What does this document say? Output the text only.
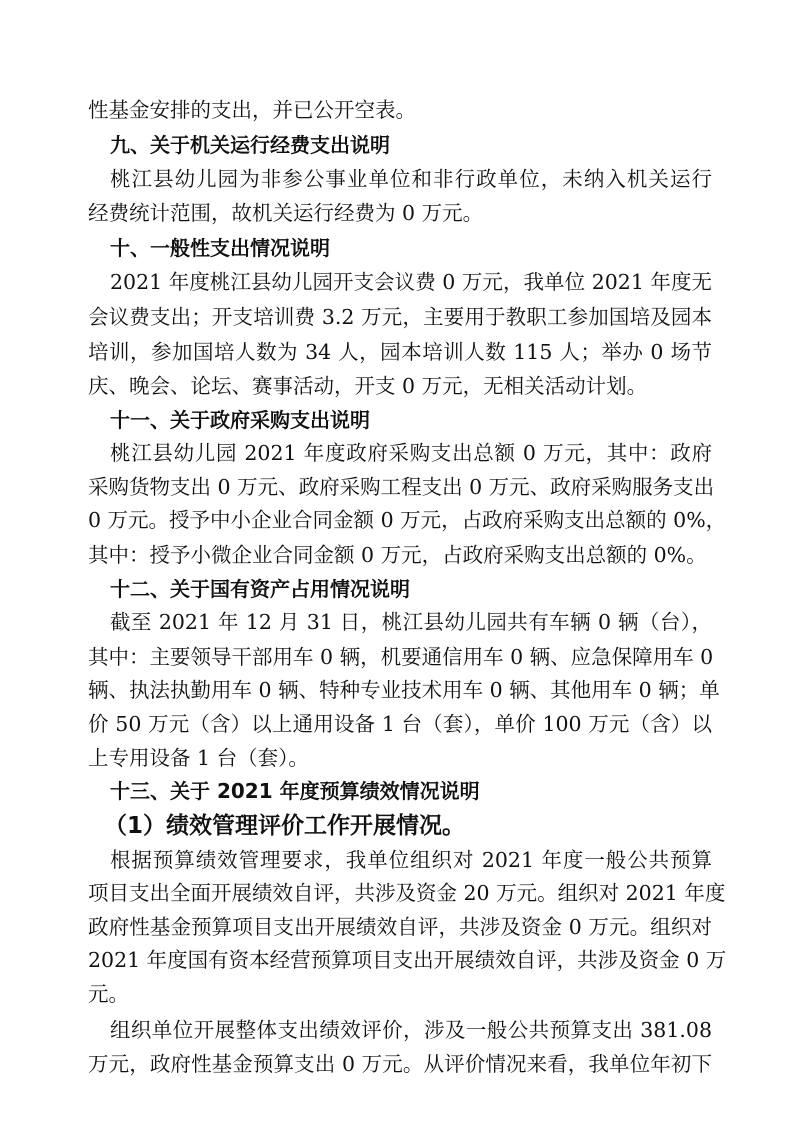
性基金安排的支出，并已公开空表。
九、关于机关运行经费支出说明
桃江县幼儿园为非参公事业单位和非行政单位，未纳入机关运行
经费统计范围，故机关运行经费为 0 万元。
十、一般性支出情况说明
2021 年度桃江县幼儿园开支会议费 0 万元，我单位 2021 年度无
会议费支出；开支培训费 3.2 万元，主要用于教职工参加国培及园本
培训，参加国培人数为 34 人，园本培训人数 115 人；举办 0 场节
庆、晚会、论坛、赛事活动，开支 0 万元，无相关活动计划。
十一、关于政府采购支出说明
桃江县幼儿园 2021 年度政府采购支出总额 0 万元，其中：政府
采购货物支出 0 万元、政府采购工程支出 0 万元、政府采购服务支出
0 万元。授予中小企业合同金额 0 万元，占政府采购支出总额的 0%，
其中：授予小微企业合同金额 0 万元，占政府采购支出总额的 0%。
十二、关于国有资产占用情况说明
截至 2021 年 12 月 31 日，桃江县幼儿园共有车辆 0 辆（台），
其中：主要领导干部用车 0 辆，机要通信用车 0 辆、应急保障用车 0
辆、执法执勤用车 0 辆、特种专业技术用车 0 辆、其他用车 0 辆；单
价 50 万元（含）以上通用设备 1 台（套），单价 100 万元（含）以
上专用设备 1 台（套）。
十三、关于 2021 年度预算绩效情况说明
（1）绩效管理评价工作开展情况。
根据预算绩效管理要求，我单位组织对 2021 年度一般公共预算
项目支出全面开展绩效自评，共涉及资金 20 万元。组织对 2021 年度
政府性基金预算项目支出开展绩效自评，共涉及资金 0 万元。组织对
2021 年度国有资本经营预算项目支出开展绩效自评，共涉及资金 0 万
元。
组织单位开展整体支出绩效评价，涉及一般公共预算支出 381.08
万元，政府性基金预算支出 0 万元。从评价情况来看，我单位年初下
